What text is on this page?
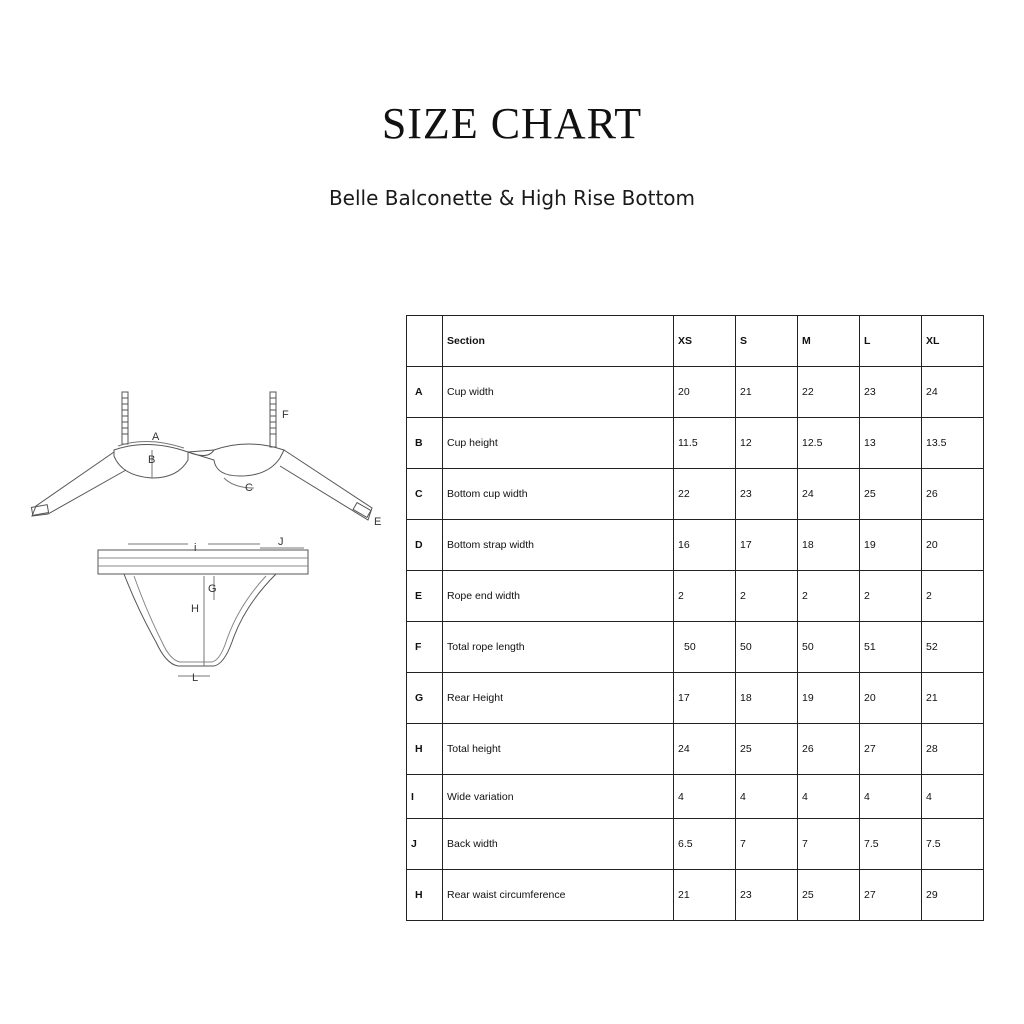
SIZE CHART

Belle Balconette & High Rise Bottom

A
B
C
E
F
i	J
G
H
L
	Section	XS	S	M	L	XL
A	Cup width	20	21	22	23	24
B	Cup height	11.5	12	12.5	13	13.5
C	Bottom cup width	22	23	24	25	26
D	Bottom strap width	16	17	18	19	20
E	Rope end width	2	2	2	2	2
F	Total rope length	50	50	50	51	52
G	Rear Height	17	18	19	20	21
H	Total height	24	25	26	27	28
I	Wide variation	4	4	4	4	4
J	Back width	6.5	7	7	7.5	7.5
H	Rear waist circumference	21	23	25	27	29
